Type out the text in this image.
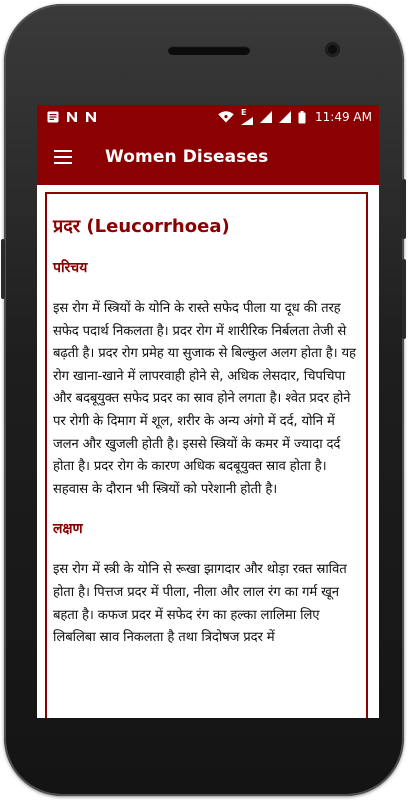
E	11:49 AM
Women Diseases
प्रदर (Leucorrhoea)
परिचय
इस रोग में स्त्रियों के योनि के रास्ते सफेद पीला या दूध की तरह सफेद पदार्थ निकलता है। प्रदर रोग में शारीरिक निर्बलता तेजी से बढ़ती है। प्रदर रोग प्रमेह या सुजाक से बिल्कुल अलग होता है। यह रोग खाना-खाने में लापरवाही होने से, अधिक लेसदार, चिपचिपा और बदबूयुक्त सफेद प्रदर का स्राव होने लगता है। श्वेत प्रदर होने पर रोगी के दिमाग में शूल, शरीर के अन्य अंगो में दर्द, योनि में जलन और खुजली होती है। इससे स्त्रियों के कमर में ज्यादा दर्द होता है। प्रदर रोग के कारण अधिक बदबूयुक्त स्राव होता है। सहवास के दौरान भी स्त्रियों को परेशानी होती है।
लक्षण
इस रोग में स्त्री के योनि से रूखा झागदार और थोड़ा रक्त स्रावित होता है। पित्तज प्रदर में पीला, नीला और लाल रंग का गर्म खून बहता है। कफज प्रदर में सफेद रंग का हल्का लालिमा लिए लिबलिबा स्राव निकलता है तथा त्रिदोषज प्रदर में
